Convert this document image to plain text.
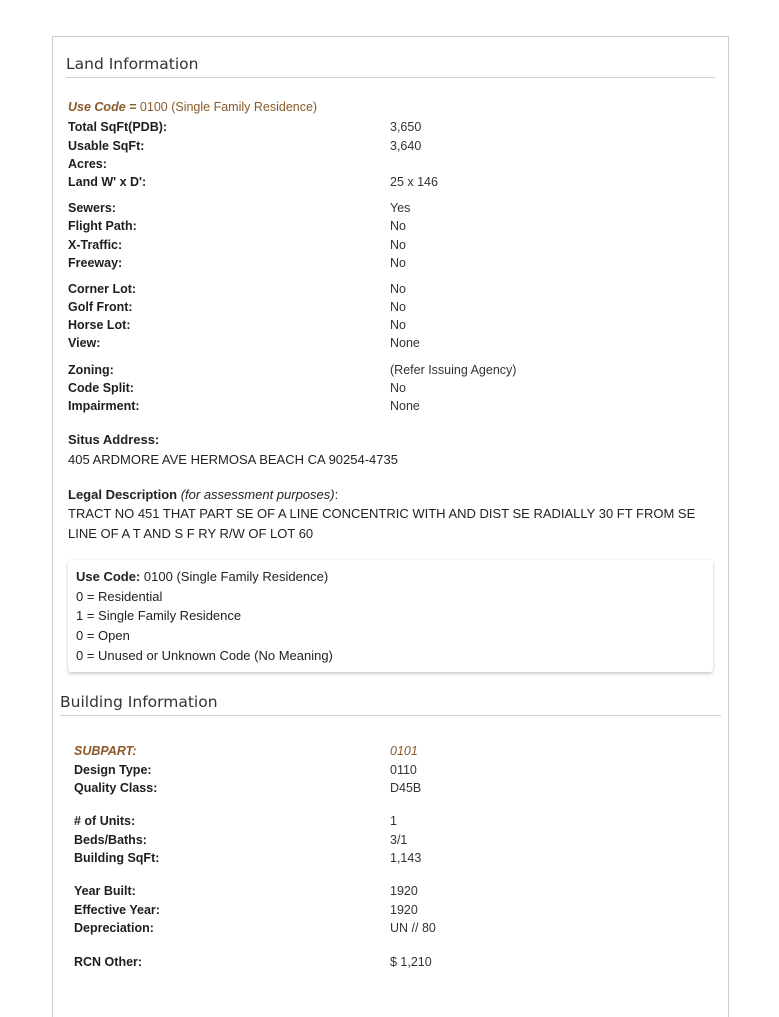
Land Information
Use Code = 0100 (Single Family Residence)
Total SqFt(PDB):	3,650
Usable SqFt:	3,640
Acres:
Land W' x D':	25 x 146
Sewers:	Yes
Flight Path:	No
X-Traffic:	No
Freeway:	No
Corner Lot:	No
Golf Front:	No
Horse Lot:	No
View:	None
Zoning:	(Refer Issuing Agency)
Code Split:	No
Impairment:	None
Situs Address:
405 ARDMORE AVE HERMOSA BEACH CA 90254-4735
Legal Description (for assessment purposes):
TRACT NO 451 THAT PART SE OF A LINE CONCENTRIC WITH AND DIST SE RADIALLY 30 FT FROM SE
LINE OF A T AND S F RY R/W OF LOT 60
Use Code: 0100 (Single Family Residence)
0 = Residential
1 = Single Family Residence
0 = Open
0 = Unused or Unknown Code (No Meaning)
Building Information
SUBPART:	0101
Design Type:	0110
Quality Class:	D45B
# of Units:	1
Beds/Baths:	3/1
Building SqFt:	1,143
Year Built:	1920
Effective Year:	1920
Depreciation:	UN // 80
RCN Other:	$ 1,210
